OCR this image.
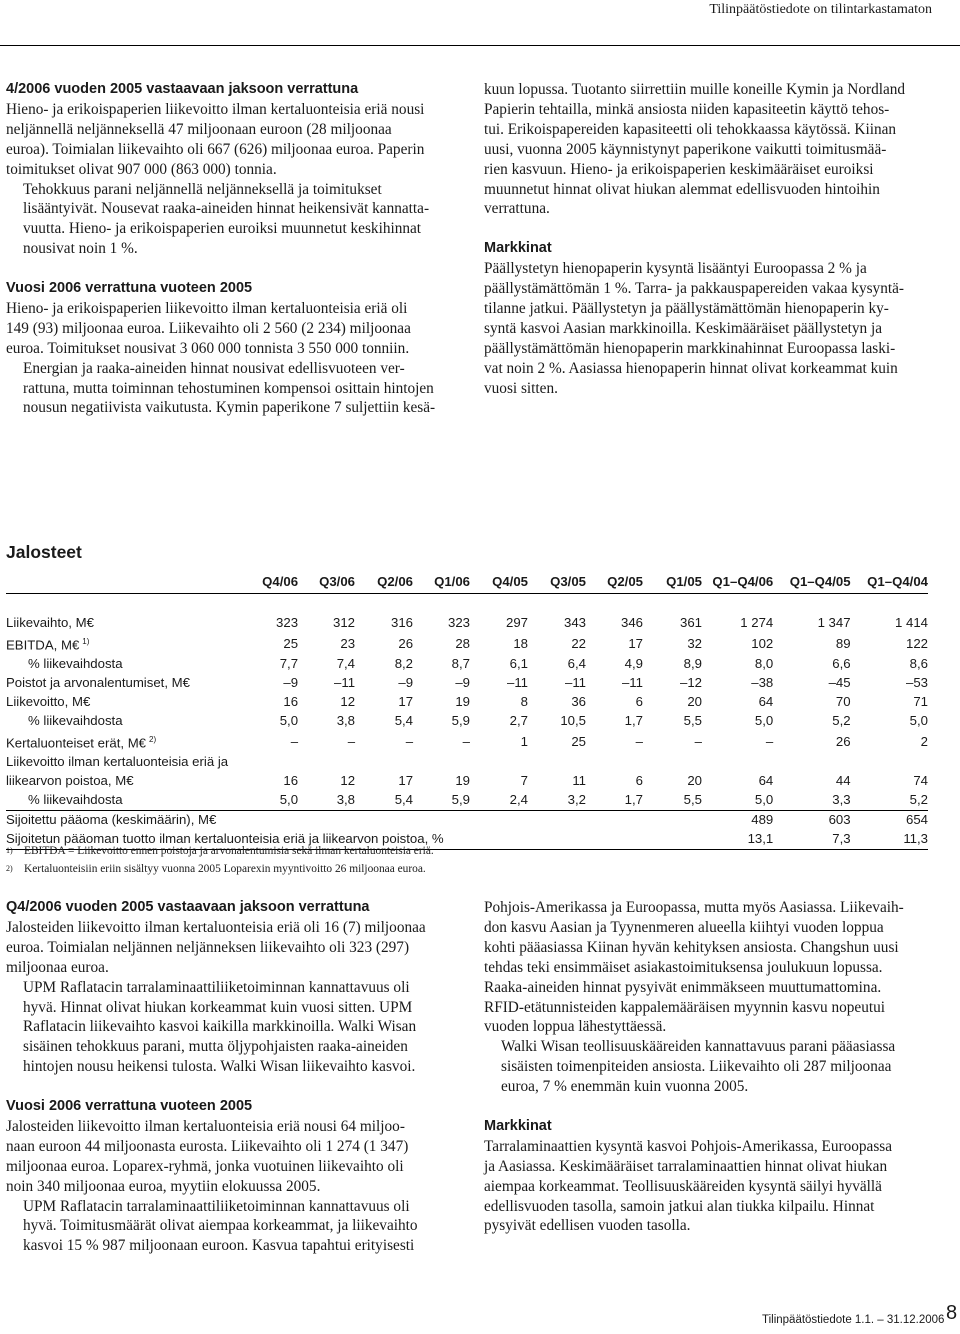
Tilinpäätöstiedote on tilintarkastamaton
4/2006 vuoden 2005 vastaavaan jaksoon verrattuna

Hieno- ja erikoispaperien liikevoitto ilman kertaluonteisia eriä nousi
neljännellä neljänneksellä 47 miljoonaan euroon (28 miljoonaa
euroa). Toimialan liikevaihto oli 667 (626) miljoonaa euroa. Paperin
toimitukset olivat 907 000 (863 000) tonnia.

Tehokkuus parani neljännellä neljänneksellä ja toimitukset
lisääntyivät. Nousevat raaka-aineiden hinnat heikensivät kannatta-
vuutta. Hieno- ja erikoispaperien euroiksi muunnetut keskihinnat
nousivat noin 1 %.

Vuosi 2006 verrattuna vuoteen 2005

Hieno- ja erikoispaperien liikevoitto ilman kertaluonteisia eriä oli
149 (93) miljoonaa euroa. Liikevaihto oli 2 560 (2 234) miljoonaa
euroa. Toimitukset nousivat 3 060 000 tonnista 3 550 000 tonniin.

Energian ja raaka-aineiden hinnat nousivat edellisvuoteen ver-
rattuna, mutta toiminnan tehostuminen kompensoi osittain hintojen
nousun negatiivista vaikutusta. Kymin paperikone 7 suljettiin kesä-

kuun lopussa. Tuotanto siirrettiin muille koneille Kymin ja Nordland
Papierin tehtailla, minkä ansiosta niiden kapasiteetin käyttö tehos-
tui. Erikoispapereiden kapasiteetti oli tehokkaassa käytössä. Kiinan
uusi, vuonna 2005 käynnistynyt paperikone vaikutti toimitusmää-
rien kasvuun. Hieno- ja erikoispaperien keskimääräiset euroiksi
muunnetut hinnat olivat hiukan alemmat edellisvuoden hintoihin
verrattuna.

Markkinat

Päällystetyn hienopaperin kysyntä lisääntyi Euroopassa 2 % ja
päällystämättömän 1 %. Tarra- ja pakkauspapereiden vakaa kysyntä-
tilanne jatkui. Päällystetyn ja päällystämättömän hienopaperin ky-
syntä kasvoi Aasian markkinoilla. Keskimääräiset päällystetyn ja
päällystämättömän hienopaperin markkinahinnat Euroopassa laski-
vat noin 2 %. Aasiassa hienopaperin hinnat olivat korkeammat kuin
vuosi sitten.

Jalosteet
	Q4/06	Q3/06	Q2/06	Q1/06	Q4/05	Q3/05	Q2/05	Q1/05	Q1–Q4/06	Q1–Q4/05	Q1–Q4/04

Liikevaihto, M€	323	312	316	323	297	343	346	361	1 274	1 347	1 414
EBITDA, M€ $^{1)}$	25	23	26	28	18	22	17	32	102	89	122
% liikevaihdosta	7,7	7,4	8,2	8,7	6,1	6,4	4,9	8,9	8,0	6,6	8,6
Poistot ja arvonalentumiset, M€	–9	–11	–9	–9	–11	–11	–11	–12	–38	–45	–53
Liikevoitto, M€	16	12	17	19	8	36	6	20	64	70	71
% liikevaihdosta	5,0	3,8	5,4	5,9	2,7	10,5	1,7	5,5	5,0	5,2	5,0
Kertaluonteiset erät, M€ $^{2)}$	–	–	–	–	1	25	–	–	–	26	2
Liikevoitto ilman kertaluonteisia eriä ja											
liikearvon poistoa, M€	16	12	17	19	7	11	6	20	64	44	74
% liikevaihdosta	5,0	3,8	5,4	5,9	2,4	3,2	1,7	5,5	5,0	3,3	5,2
Sijoitettu pääoma (keskimäärin), M€									489	603	654
Sijoitetun pääoman tuotto ilman kertaluonteisia eriä ja liikearvon poistoa, %									13,1	7,3	11,3
1) EBITDA = Liikevoitto ennen poistoja ja arvonalentumisia sekä ilman kertaluonteisia eriä.
2) Kertaluonteisiin eriin sisältyy vuonna 2005 Loparexin myyntivoitto 26 miljoonaa euroa.
Q4/2006 vuoden 2005 vastaavaan jaksoon verrattuna

Jalosteiden liikevoitto ilman kertaluonteisia eriä oli 16 (7) miljoonaa
euroa. Toimialan neljännen neljänneksen liikevaihto oli 323 (297)
miljoonaa euroa.

UPM Raflatacin tarralaminaattiliiketoiminnan kannattavuus oli
hyvä. Hinnat olivat hiukan korkeammat kuin vuosi sitten. UPM
Raflatacin liikevaihto kasvoi kaikilla markkinoilla. Walki Wisan
sisäinen tehokkuus parani, mutta öljypohjaisten raaka-aineiden
hintojen nousu heikensi tulosta. Walki Wisan liikevaihto kasvoi.

Vuosi 2006 verrattuna vuoteen 2005

Jalosteiden liikevoitto ilman kertaluonteisia eriä nousi 64 miljoo-
naan euroon 44 miljoonasta eurosta. Liikevaihto oli 1 274 (1 347)
miljoonaa euroa. Loparex-ryhmä, jonka vuotuinen liikevaihto oli
noin 340 miljoonaa euroa, myytiin elokuussa 2005.

UPM Raflatacin tarralaminaattiliiketoiminnan kannattavuus oli
hyvä. Toimitusmäärät olivat aiempaa korkeammat, ja liikevaihto
kasvoi 15 % 987 miljoonaan euroon. Kasvua tapahtui erityisesti

Pohjois-Amerikassa ja Euroopassa, mutta myös Aasiassa. Liikevaih-
don kasvu Aasian ja Tyynenmeren alueella kiihtyi vuoden loppua
kohti pääasiassa Kiinan hyvän kehityksen ansiosta. Changshun uusi
tehdas teki ensimmäiset asiakastoimituksensa joulukuun lopussa.
Raaka-aineiden hinnat pysyivät enimmäkseen muuttumattomina.
RFID-etätunnisteiden kappalemääräisen myynnin kasvu nopeutui
vuoden loppua lähestyttäessä.

Walki Wisan teollisuuskääreiden kannattavuus parani pääasiassa
sisäisten toimenpiteiden ansiosta. Liikevaihto oli 287 miljoonaa
euroa, 7 % enemmän kuin vuonna 2005.

Markkinat

Tarralaminaattien kysyntä kasvoi Pohjois-Amerikassa, Euroopassa
ja Aasiassa. Keskimääräiset tarralaminaattien hinnat olivat hiukan
aiempaa korkeammat. Teollisuuskääreiden kysyntä säilyi hyvällä
edellisvuoden tasolla, samoin jatkui alan tiukka kilpailu. Hinnat
pysyivät edellisen vuoden tasolla.

Tilinpäätöstiedote 1.1. – 31.12.2006 8
